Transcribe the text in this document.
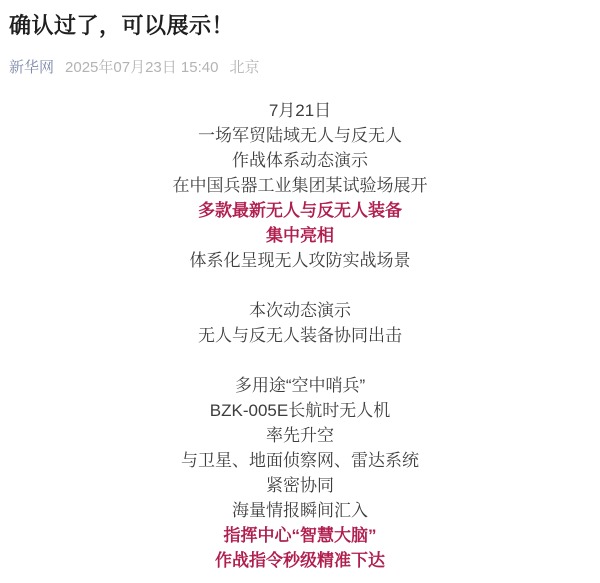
确认过了，可以展示！
新华网 2025年07月23日 15:40 北京
7月21日
一场军贸陆域无人与反无人
作战体系动态演示
在中国兵器工业集团某试验场展开
多款最新无人与反无人装备
集中亮相
体系化呈现无人攻防实战场景
本次动态演示
无人与反无人装备协同出击
多用途“空中哨兵”
BZK-005E长航时无人机
率先升空
与卫星、地面侦察网、雷达系统
紧密协同
海量情报瞬间汇入
指挥中心“智慧大脑”
作战指令秒级精准下达
